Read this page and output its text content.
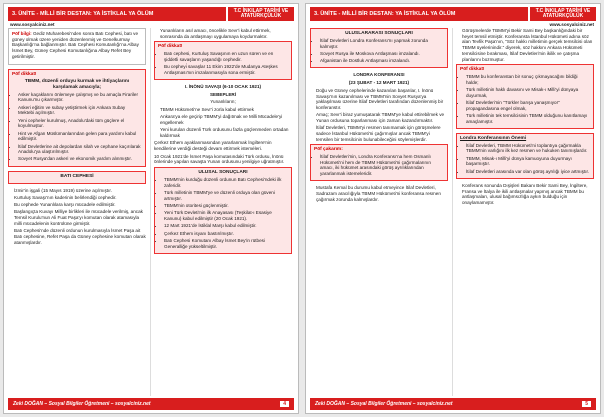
3. ÜNİTE - MİLLİ BİR DESTAN: YA İSTİKLAL YA ÖLÜM	T.C İNKILAP TARİHİ VE ATATÜRKÇÜLÜK
www.sosyalciniz.net

Pöf bilgi: Gediz Muharebesi'nden sonra Batı Cephesi, batı ve güney olmak üzere yeniden düzenlenmiş ve Genelkurmay Başkanlığı'na bağlanmıştır. Batı Cephesi Komutanlığı'na Albay İsmet Bey, Güney Cephesi Komutanlığına Albay Refet Bey getirilmiştir.

Pöf dikkat!
TBMM, düzenli orduyu kurmak ve ihtiyaçlarını karşılamak amacıyla;
• Asker kaçaklarını önlemeye çalışmış ve bu amaçla Firariler Kanunu'nu çıkarmıştır.
• Askeri eğitim ve subay yetiştirmek için Ankara Subay Mektebi açılmıştır.
• Yeni cepheler kurulmuş, Anadolu'daki tüm güçlere el koyulmuştur.
• Hint ve Afgan Müslümanlarından gelen para yardımı kabul edilmiştir.
• İtilaf Devletlerine ait depolardan silah ve cephane kaçırılarak Anadolu'ya ulaştırılmıştır.
• Sovyet Rusya'dan askeri ve ekonomik yardım alınmıştır.
BATI CEPHESİ
• İzmir'in işgali (15 Mayıs 1919) üzerine açılmıştır.
• Kurtuluş Savaşı'nın kaderinin belirlendiği cephedir.
• Bu cephede Yunanlılara karşı mücadele edilmiştir.
• Başlangıçta Kuvayı Milliye birlikleri ile mücadele verilmiş, ancak Temsil Kurulu'nun Ali Fuat Paşa'yı komutan olarak atamasıyla milli mücadelenin kontrolüne girmiştir.
• Batı Cephesi'nde düzenli ordunun kurulmasıyla İsmet Paşa ait Batı cephesine, Refet Paşa da Güney cephesine komutan olarak atanmışlardır.
• Yunanlıların asıl amacı, önceliklе Sevr'i kabul ettirmek, sonrasında da antlaşmayı uygulamaya koydurmaktır.
Pöf dikkat!
• Batı cephesi, Kurtuluş Savaşının en uzun süren ve en şiddetli savaşların yaşandığı cephedir.
• Bu cepheyi̇ savaşlar 11 Ekim 1922'de Mudanya Ateşkes Antlaşması'nın imzalanmasıyla sona ermiştir.
I. İNÖNÜ SAVAŞI (6-10 OCAK 1921)
SEBEPLERİ
Yunanlıların;
• TBMM Hükümeti'ne Sevr'i zorla kabul ettirmek
• Ankara'ya ele geçirip TBMM'yi dağıtmak ve Milli Mücadele'yi engellemek
• Yeni kurulan düzenli Türk ordusunu fazla güçlenmeden ortadan kaldırmak

Çerkez Ethem ayaklanmasından yararlanmak İngiltere'nin kendilerine verdiği desteği devam ettirmek istemėleri.

10 Ocak 1921'de İsmet Paşa komutasındaki Türk ordusu, İnönü önlerinde yapılan savaşta Yunan ordusunu yenilgiye uğratmıştır.

ULUSAL SONUÇLARI
• TBMM'nin kurduğu düzenli ordunun Batı Cephesi'ndeki ilk zaferidir.
• Türk milletinin TBMM'ye ve düzenli orduya olan güveni artmıştır.
• TBMM'nin otoritesi güçlenmiştir.
• Yeni Türk Devleti'nin ilk Anayasası (Teşkilat-ı Esasiye Kanunu) kabul edilmiştir (20 Ocak 1921).
• 12 Mart 1921'de İstiklal Marşı kabul edilmiştir.
• Çerkez Ethem isyanı bastırılmıştır.
• Batı Cephesi Komutanı Albay İsmet Bey'in rütbesi Generalliğe yükseltilmiştir.
Zeki DOĞAN – Sosyal Bilgiler Öğretmeni – sosyalciniz.net	4
3. ÜNİTE - MİLLİ BİR DESTAN: YA İSTİKLAL YA ÖLÜM	T.C İNKILAP TARİHİ VE ATATÜRKÇÜLÜK
www.sosyalciniz.net
ULUSLARARASI SONUÇLARI
• İtilaf Devletleri Londra Konferansı'nı yapmak zorunda kalmıştır.
• Sovyet Rusya ile Moskova Antlaşması imzalandı.
• Afganistan ile Dostluk Antlaşması imzalandı.
LONDRA KONFERANSI
(23 ŞUBAT - 12 MART 1921)
• Doğu ve Güney cephelerinde kazanılan başarılar, I. İnönü Savaşı'nın kazanılması ve TBMM'nin Sovyet Rusya'ya yaklaşılması üzerine İtilaf Devletleri tarafından düzenlenmiş bir konferanstır.
• Amaç; Sevr'i biraz yumuşatarak TBMM'ye kabul ettirebilmek ve Yunan ordusuna toparlanması için zaman kazandırmaktır.
• İtilaf Devletleri, TBMM'yi resmen tanımamak için görüşmelere sadece İstanbul Hükümeti'ni çağırmışlar ancak TBMM'yi temsilen bir temsilcinin bulunabileceğini söylemişlerdir.
Pöf çakarım:
• İtilaf Devletleri'nin, Londra Konferansı'na hem Osmanlı Hükümeti'ni hem de TBMM Hükümeti'ni çağırmalarının amacı, iki hükümet arasındaki görüş ayrılıklarından yararlanmak istemeleridir.
• Mustafa Kemal bu durumu kabul etmeyince İtilaf Devletleri, Sadrazam aracılığıyla TBMM Hükümeti'ni konferansa resmen çağırmak zorunda kalmışlardır.
• Görüşmelerde TBMM'yi Bekir Sami Bey başkanlığındaki bir heyet temsil etmiştir. Konferansta İstanbul Hükümeti adına söz alan Tevfik Paşa'nın, "Söz hakkı milletimin gerçek temsilcisi olan TBMM üyelerinindir." diyerek, söz hakkını Ankara Hükümeti temsilcisine bırakması, İtilaf Devletleri'nin ikilik ve çatışma planlarını bozmuştur.
Pöf dikkat!
• TBMM bu konferanstan bir sonuç çıkmayacağını bildiği halde;
• Türk milletinin haklı davasını ve Misak-ı Milli'yi dünyaya duyurmak,
• İtilaf Devletleri'nin "Türkler barışa yanaşmıyor" propagandasına engel olmak,
• Türk milletinin tek temsilcisinin TBMM olduğunu kanıtlamayı amaçlamıştır.
Londra Konferansının Önemi
• İtilaf Devletleri, TBMM Hükümeti'ni toplantıya çağırmakla TBMM'nin varlığını ilk kez resmen ve hukuken tanımışlardır.
• TBMM, Misak-ı Milli'yi dünya kamuoyuna duyurmayı başarmıştır.
• İtilaf Devletleri arasında var olan görüş ayrılığı iyice artmıştır.
• Konferans sonunda Dışişleri Bakanı Bekir Sami Bey, İngiltere, Fransa ve İtalya ile ikili antlaşmalar yapmış ancak TBMM bu antlaşmaları, ulusal bağımsızlığa aykırı bulduğu için onaylamamıştır.
Zeki DOĞAN – Sosyal Bilgiler Öğretmeni – sosyalciniz.net	5
